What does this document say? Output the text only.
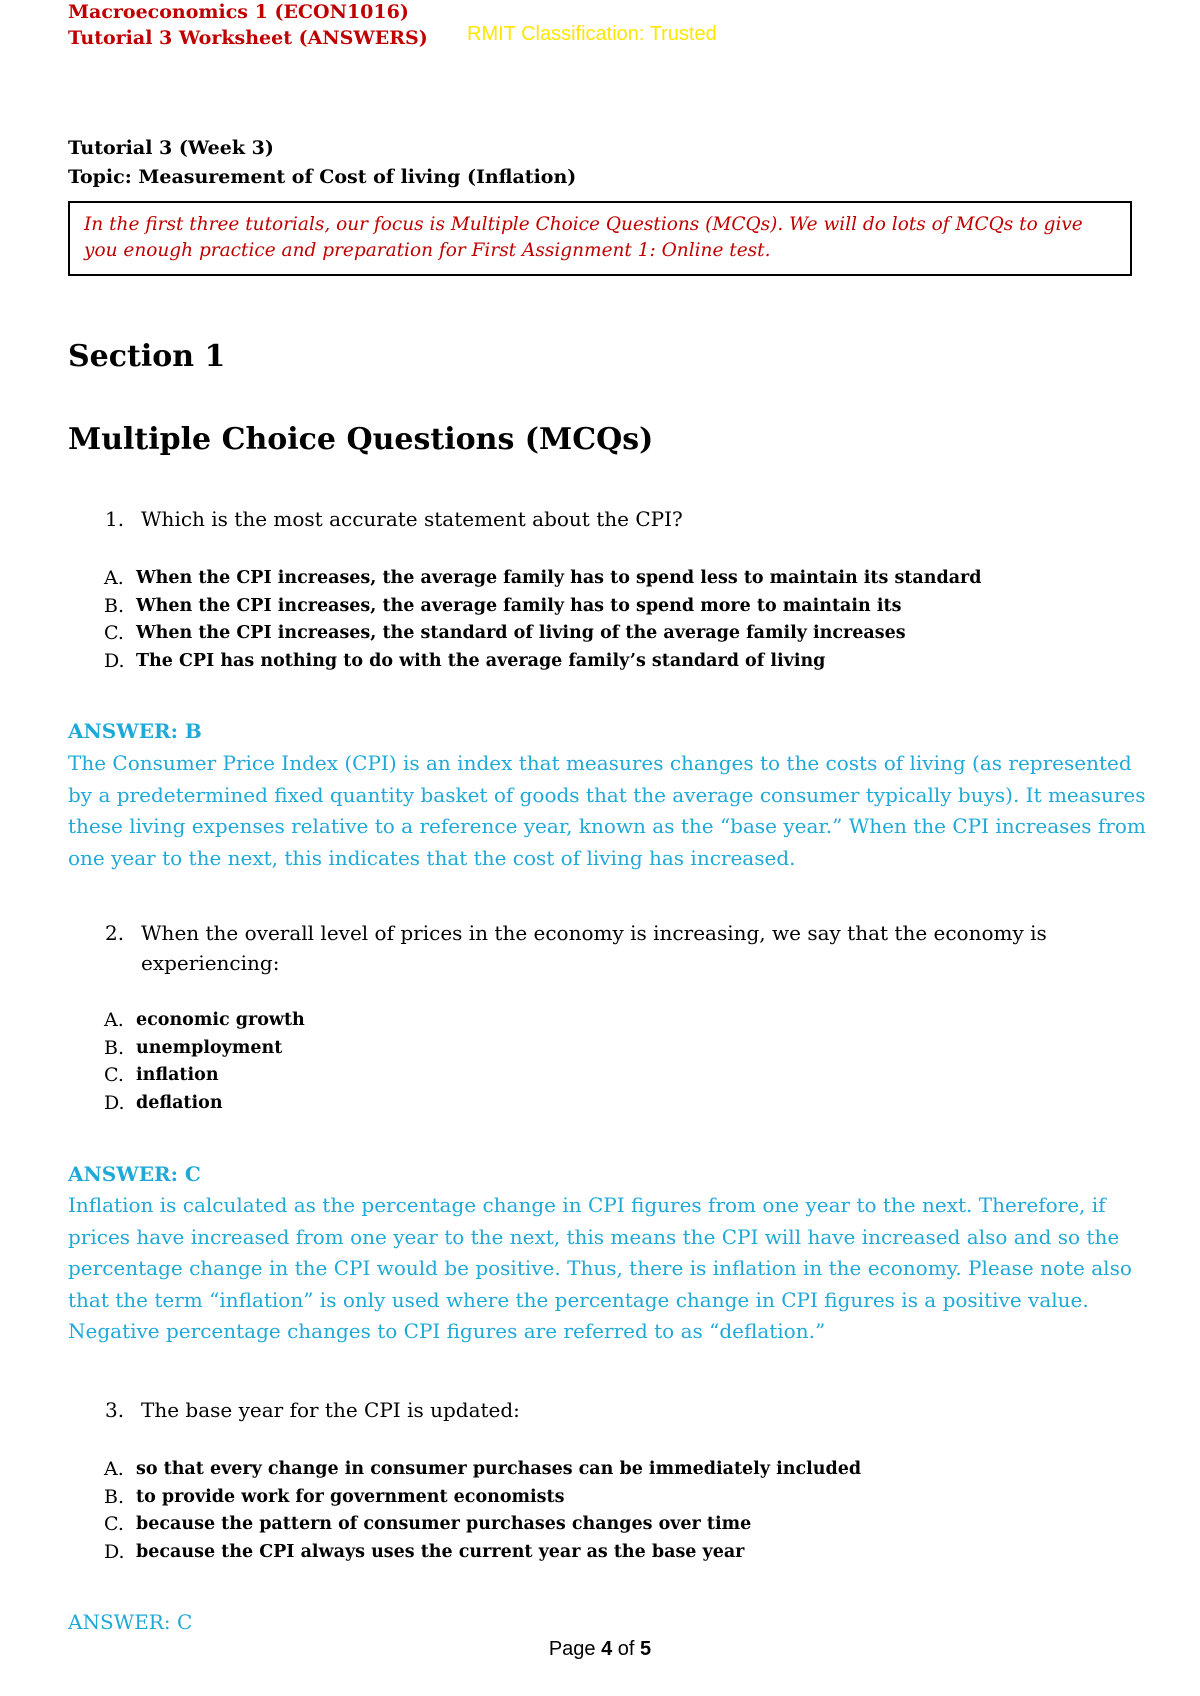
Macroeconomics 1 (ECON1016)
Tutorial 3 Worksheet (ANSWERS) RMIT Classification: Trusted
Tutorial 3 (Week 3)
Topic: Measurement of Cost of living (Inflation)
In the first three tutorials, our focus is Multiple Choice Questions (MCQs). We will do lots of MCQs to give you enough practice and preparation for First Assignment 1: Online test.
Section 1
Multiple Choice Questions (MCQs)
1. Which is the most accurate statement about the CPI?
A. When the CPI increases, the average family has to spend less to maintain its standard
B. When the CPI increases, the average family has to spend more to maintain its
C. When the CPI increases, the standard of living of the average family increases
D. The CPI has nothing to do with the average family’s standard of living
ANSWER: B
The Consumer Price Index (CPI) is an index that measures changes to the costs of living (as represented by a predetermined fixed quantity basket of goods that the average consumer typically buys). It measures these living expenses relative to a reference year, known as the “base year.” When the CPI increases from one year to the next, this indicates that the cost of living has increased.
2. When the overall level of prices in the economy is increasing, we say that the economy is experiencing:
A. economic growth
B. unemployment
C. inflation
D. deflation
ANSWER: C
Inflation is calculated as the percentage change in CPI figures from one year to the next. Therefore, if prices have increased from one year to the next, this means the CPI will have increased also and so the percentage change in the CPI would be positive. Thus, there is inflation in the economy. Please note also that the term “inflation” is only used where the percentage change in CPI figures is a positive value. Negative percentage changes to CPI figures are referred to as “deflation.”
3. The base year for the CPI is updated:
A. so that every change in consumer purchases can be immediately included
B. to provide work for government economists
C. because the pattern of consumer purchases changes over time
D. because the CPI always uses the current year as the base year
ANSWER: C
Page 4 of 5
